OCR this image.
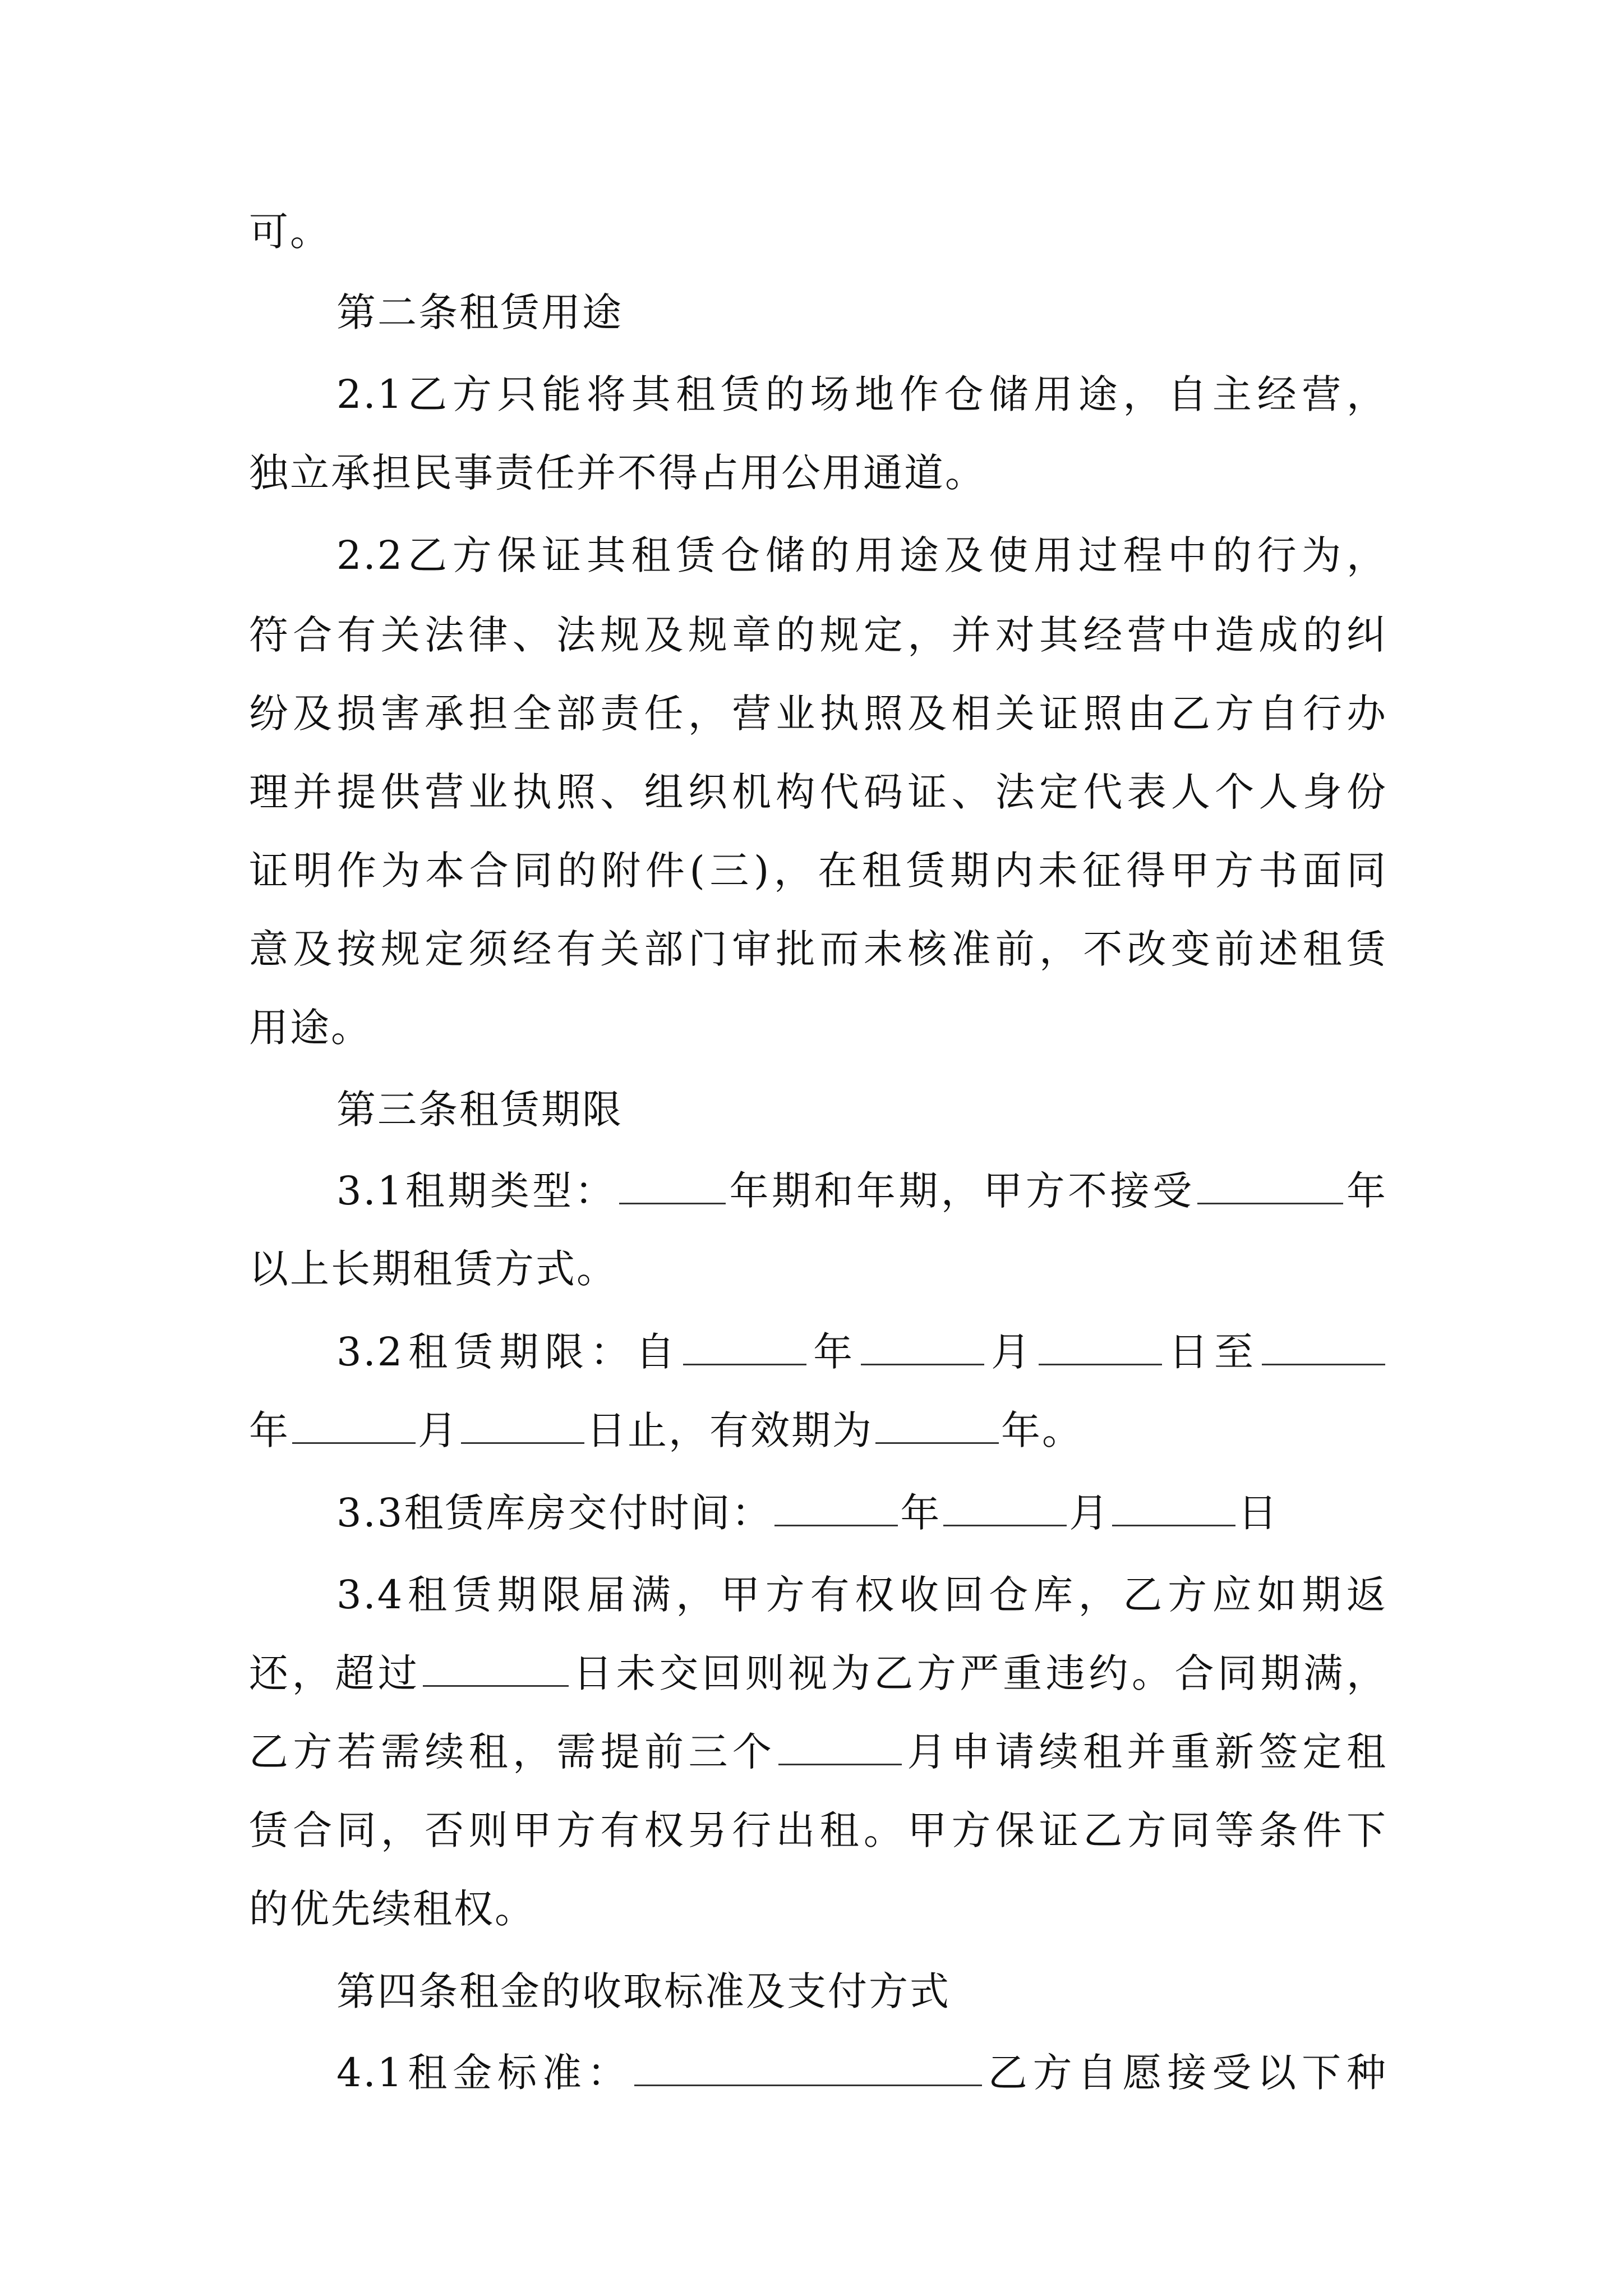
可。
第二条租赁用途
2.1乙方只能将其租赁的场地作仓储用途，自主经营，
独立承担民事责任并不得占用公用通道。
2.2乙方保证其租赁仓储的用途及使用过程中的行为，
符合有关法律、法规及规章的规定，并对其经营中造成的纠
纷及损害承担全部责任，营业执照及相关证照由乙方自行办
理并提供营业执照、组织机构代码证、法定代表人个人身份
证明作为本合同的附件(三)，在租赁期内未征得甲方书面同
意及按规定须经有关部门审批而未核准前，不改变前述租赁
用途。
第三条租赁期限
3.1租期类型：	年期和年期，甲方不接受	年
以上长期租赁方式。
3.2租赁期限：自	年	月	日至
年	月	日止，有效期为	年。
3.3租赁库房交付时间：	年	月	日
3.4租赁期限届满，甲方有权收回仓库，乙方应如期返
还，超过	日未交回则视为乙方严重违约。合同期满，
乙方若需续租，需提前三个	月申请续租并重新签定租
赁合同，否则甲方有权另行出租。甲方保证乙方同等条件下
的优先续租权。
第四条租金的收取标准及支付方式
4.1租金标准：	乙方自愿接受以下种
